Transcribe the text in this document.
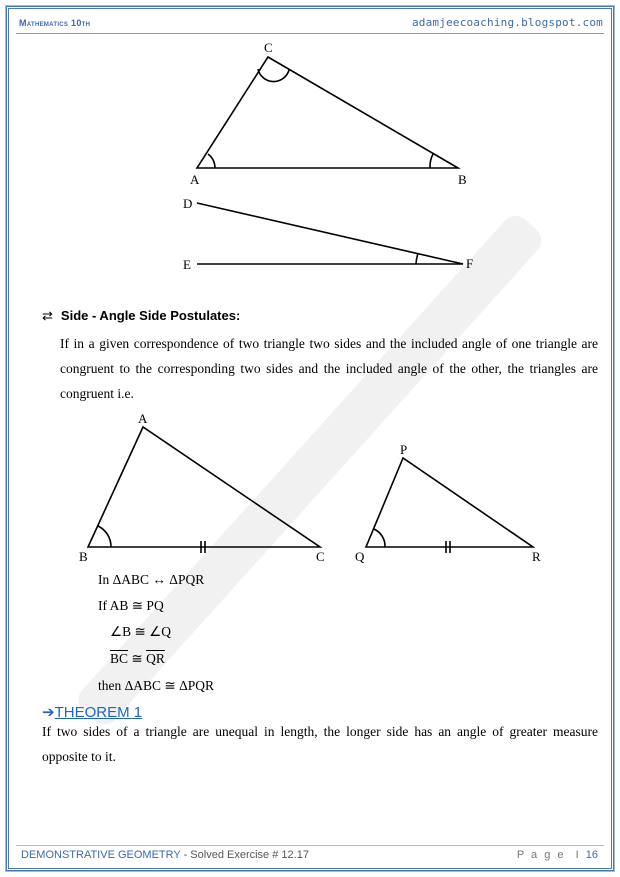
Mathematics 10th	adamjeecoaching.blogspot.com
C
A	B
D
E	F
A
B	C
P
Q	R
⇄ Side - Angle Side Postulates:
If in a given correspondence of two triangle two sides and the included angle of one triangle are congruent to the corresponding two sides and the included angle of the other, the triangles are congruent i.e.
In ΔABC ↔ ΔPQR
If AB ≅ PQ
∠B ≅ ∠Q
$\overline{BC}$ ≅ $\overline{QR}$
then ΔABC ≅ ΔPQR
➔THEOREM 1
If two sides of a triangle are unequal in length, the longer side has an angle of greater measure opposite to it.
DEMONSTRATIVE GEOMETRY - Solved Exercise # 12.17	P a g e  I 16
